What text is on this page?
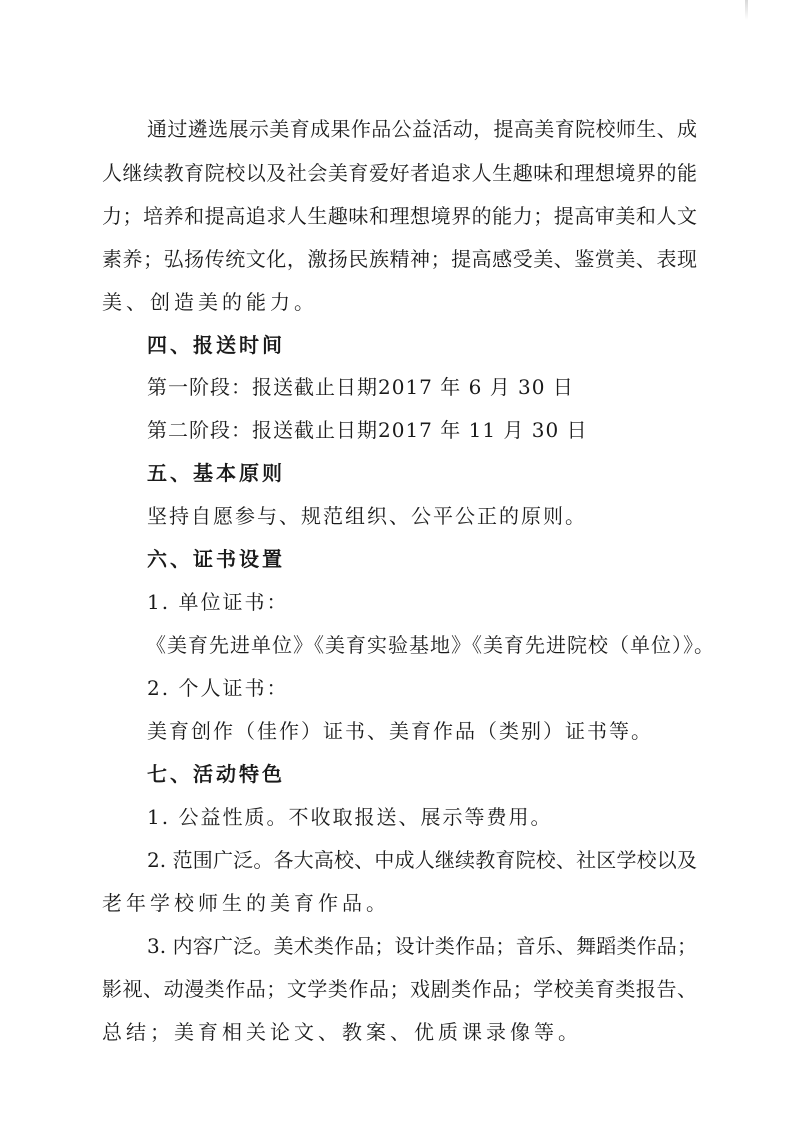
通过遴选展示美育成果作品公益活动，提高美育院校师生、成
人继续教育院校以及社会美育爱好者追求人生趣味和理想境界的能
力；培养和提高追求人生趣味和理想境界的能力；提高审美和人文
素养；弘扬传统文化，激扬民族精神；提高感受美、鉴赏美、表现
美、创造美的能力。
四、报送时间
第一阶段：报送截止日期2017 年 6 月 30 日
第二阶段：报送截止日期2017 年 11 月 30 日
五、基本原则
坚持自愿参与、规范组织、公平公正的原则。
六、证书设置
1. 单位证书：
《美育先进单位》《美育实验基地》《美育先进院校（单位）》。
2. 个人证书：
美育创作（佳作）证书、美育作品（类别）证书等。
七、活动特色
1. 公益性质。不收取报送、展示等费用。
2. 范围广泛。各大高校、中成人继续教育院校、社区学校以及
老年学校师生的美育作品。
3. 内容广泛。美术类作品；设计类作品；音乐、舞蹈类作品；
影视、动漫类作品；文学类作品；戏剧类作品；学校美育类报告、
总结；美育相关论文、教案、优质课录像等。
